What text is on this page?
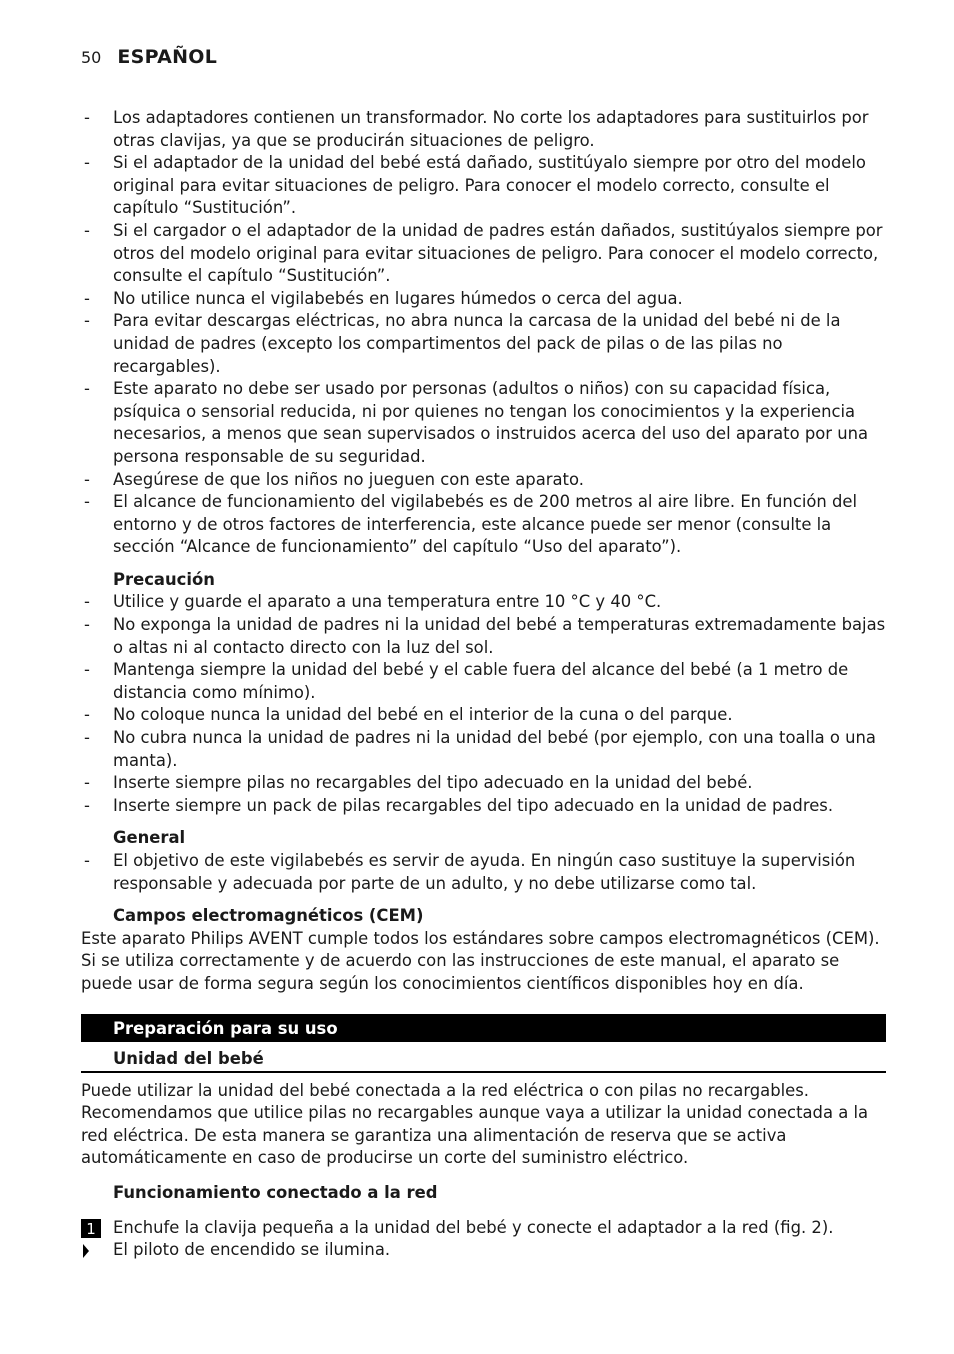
50 ESPAÑOL
- Los adaptadores contienen un transformador. No corte los adaptadores para sustituirlos por otras clavijas, ya que se producirán situaciones de peligro.
- Si el adaptador de la unidad del bebé está dañado, sustitúyalo siempre por otro del modelo original para evitar situaciones de peligro. Para conocer el modelo correcto, consulte el capítulo “Sustitución”.
- Si el cargador o el adaptador de la unidad de padres están dañados, sustitúyalos siempre por otros del modelo original para evitar situaciones de peligro. Para conocer el modelo correcto, consulte el capítulo “Sustitución”.
- No utilice nunca el vigilabebés en lugares húmedos o cerca del agua.
- Para evitar descargas eléctricas, no abra nunca la carcasa de la unidad del bebé ni de la unidad de padres (excepto los compartimentos del pack de pilas o de las pilas no recargables).
- Este aparato no debe ser usado por personas (adultos o niños) con su capacidad física, psíquica o sensorial reducida, ni por quienes no tengan los conocimientos y la experiencia necesarios, a menos que sean supervisados o instruidos acerca del uso del aparato por una persona responsable de su seguridad.
- Asegúrese de que los niños no jueguen con este aparato.
- El alcance de funcionamiento del vigilabebés es de 200 metros al aire libre. En función del entorno y de otros factores de interferencia, este alcance puede ser menor (consulte la sección “Alcance de funcionamiento” del capítulo “Uso del aparato”).
Precaución
- Utilice y guarde el aparato a una temperatura entre 10 °C y 40 °C.
- No exponga la unidad de padres ni la unidad del bebé a temperaturas extremadamente bajas o altas ni al contacto directo con la luz del sol.
- Mantenga siempre la unidad del bebé y el cable fuera del alcance del bebé (a 1 metro de distancia como mínimo).
- No coloque nunca la unidad del bebé en el interior de la cuna o del parque.
- No cubra nunca la unidad de padres ni la unidad del bebé (por ejemplo, con una toalla o una manta).
- Inserte siempre pilas no recargables del tipo adecuado en la unidad del bebé.
- Inserte siempre un pack de pilas recargables del tipo adecuado en la unidad de padres.
General
- El objetivo de este vigilabebés es servir de ayuda. En ningún caso sustituye la supervisión responsable y adecuada por parte de un adulto, y no debe utilizarse como tal.
Campos electromagnéticos (CEM)

Este aparato Philips AVENT cumple todos los estándares sobre campos electromagnéticos (CEM). Si se utiliza correctamente y de acuerdo con las instrucciones de este manual, el aparato se puede usar de forma segura según los conocimientos científicos disponibles hoy en día.

Preparación para su uso
Unidad del bebé

Puede utilizar la unidad del bebé conectada a la red eléctrica o con pilas no recargables. Recomendamos que utilice pilas no recargables aunque vaya a utilizar la unidad conectada a la red eléctrica. De esta manera se garantiza una alimentación de reserva que se activa automáticamente en caso de producirse un corte del suministro eléctrico.

Funcionamiento conectado a la red
1	Enchufe la clavija pequeña a la unidad del bebé y conecte el adaptador a la red (fig. 2).
El piloto de encendido se ilumina.
